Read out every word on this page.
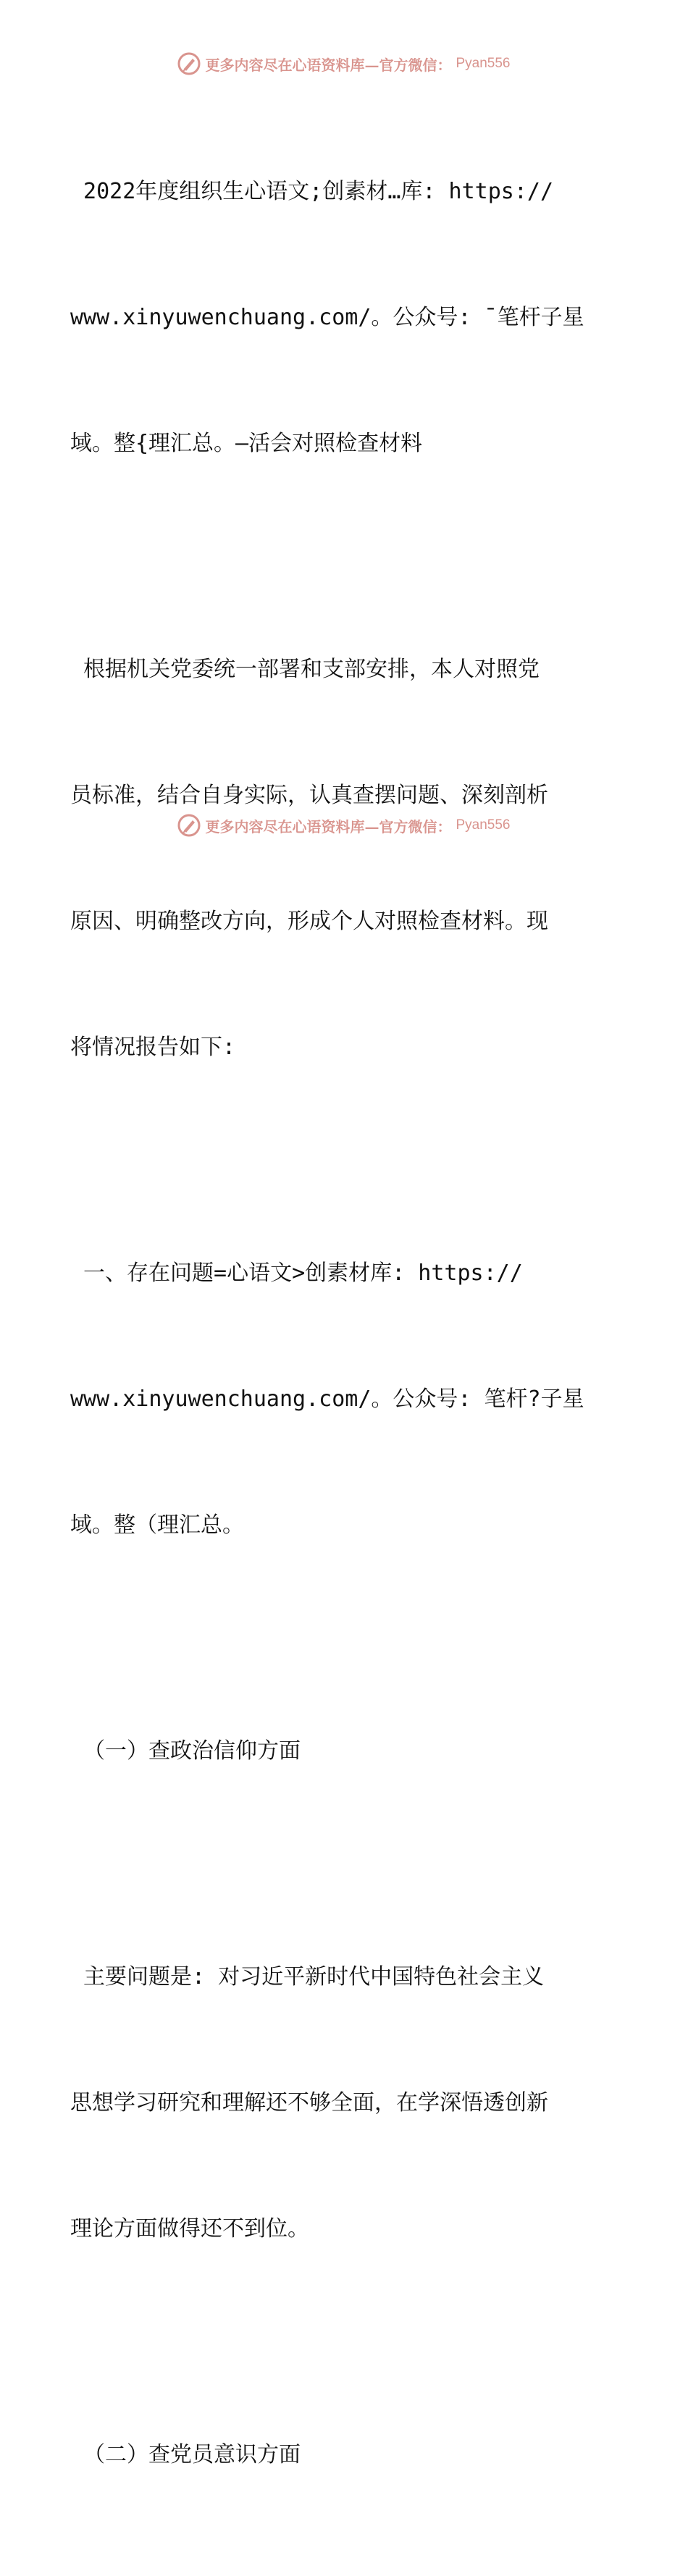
更多内容尽在心语资料库—官方微信： Pyan556

2022年度组织生心语文;创素材…库: https://

www.xinyuwenchuang.com/。公众号: ¯笔杆子星

域。整{理汇总。—活会对照检查材料

根据机关党委统一部署和支部安排，本人对照党

员标准，结合自身实际，认真查摆问题、深刻剖析

原因、明确整改方向，形成个人对照检查材料。现

将情况报告如下:

一、存在问题=心语文>创素材库: https://

www.xinyuwenchuang.com/。公众号: 笔杆?子星

域。整（理汇总。

（一）查政治信仰方面

主要问题是: 对习近平新时代中国特色社会主义

思想学习研究和理解还不够全面，在学深悟透创新

理论方面做得还不到位。

（二）查党员意识方面

更多内容尽在心语资料库—官方微信： Pyan556
